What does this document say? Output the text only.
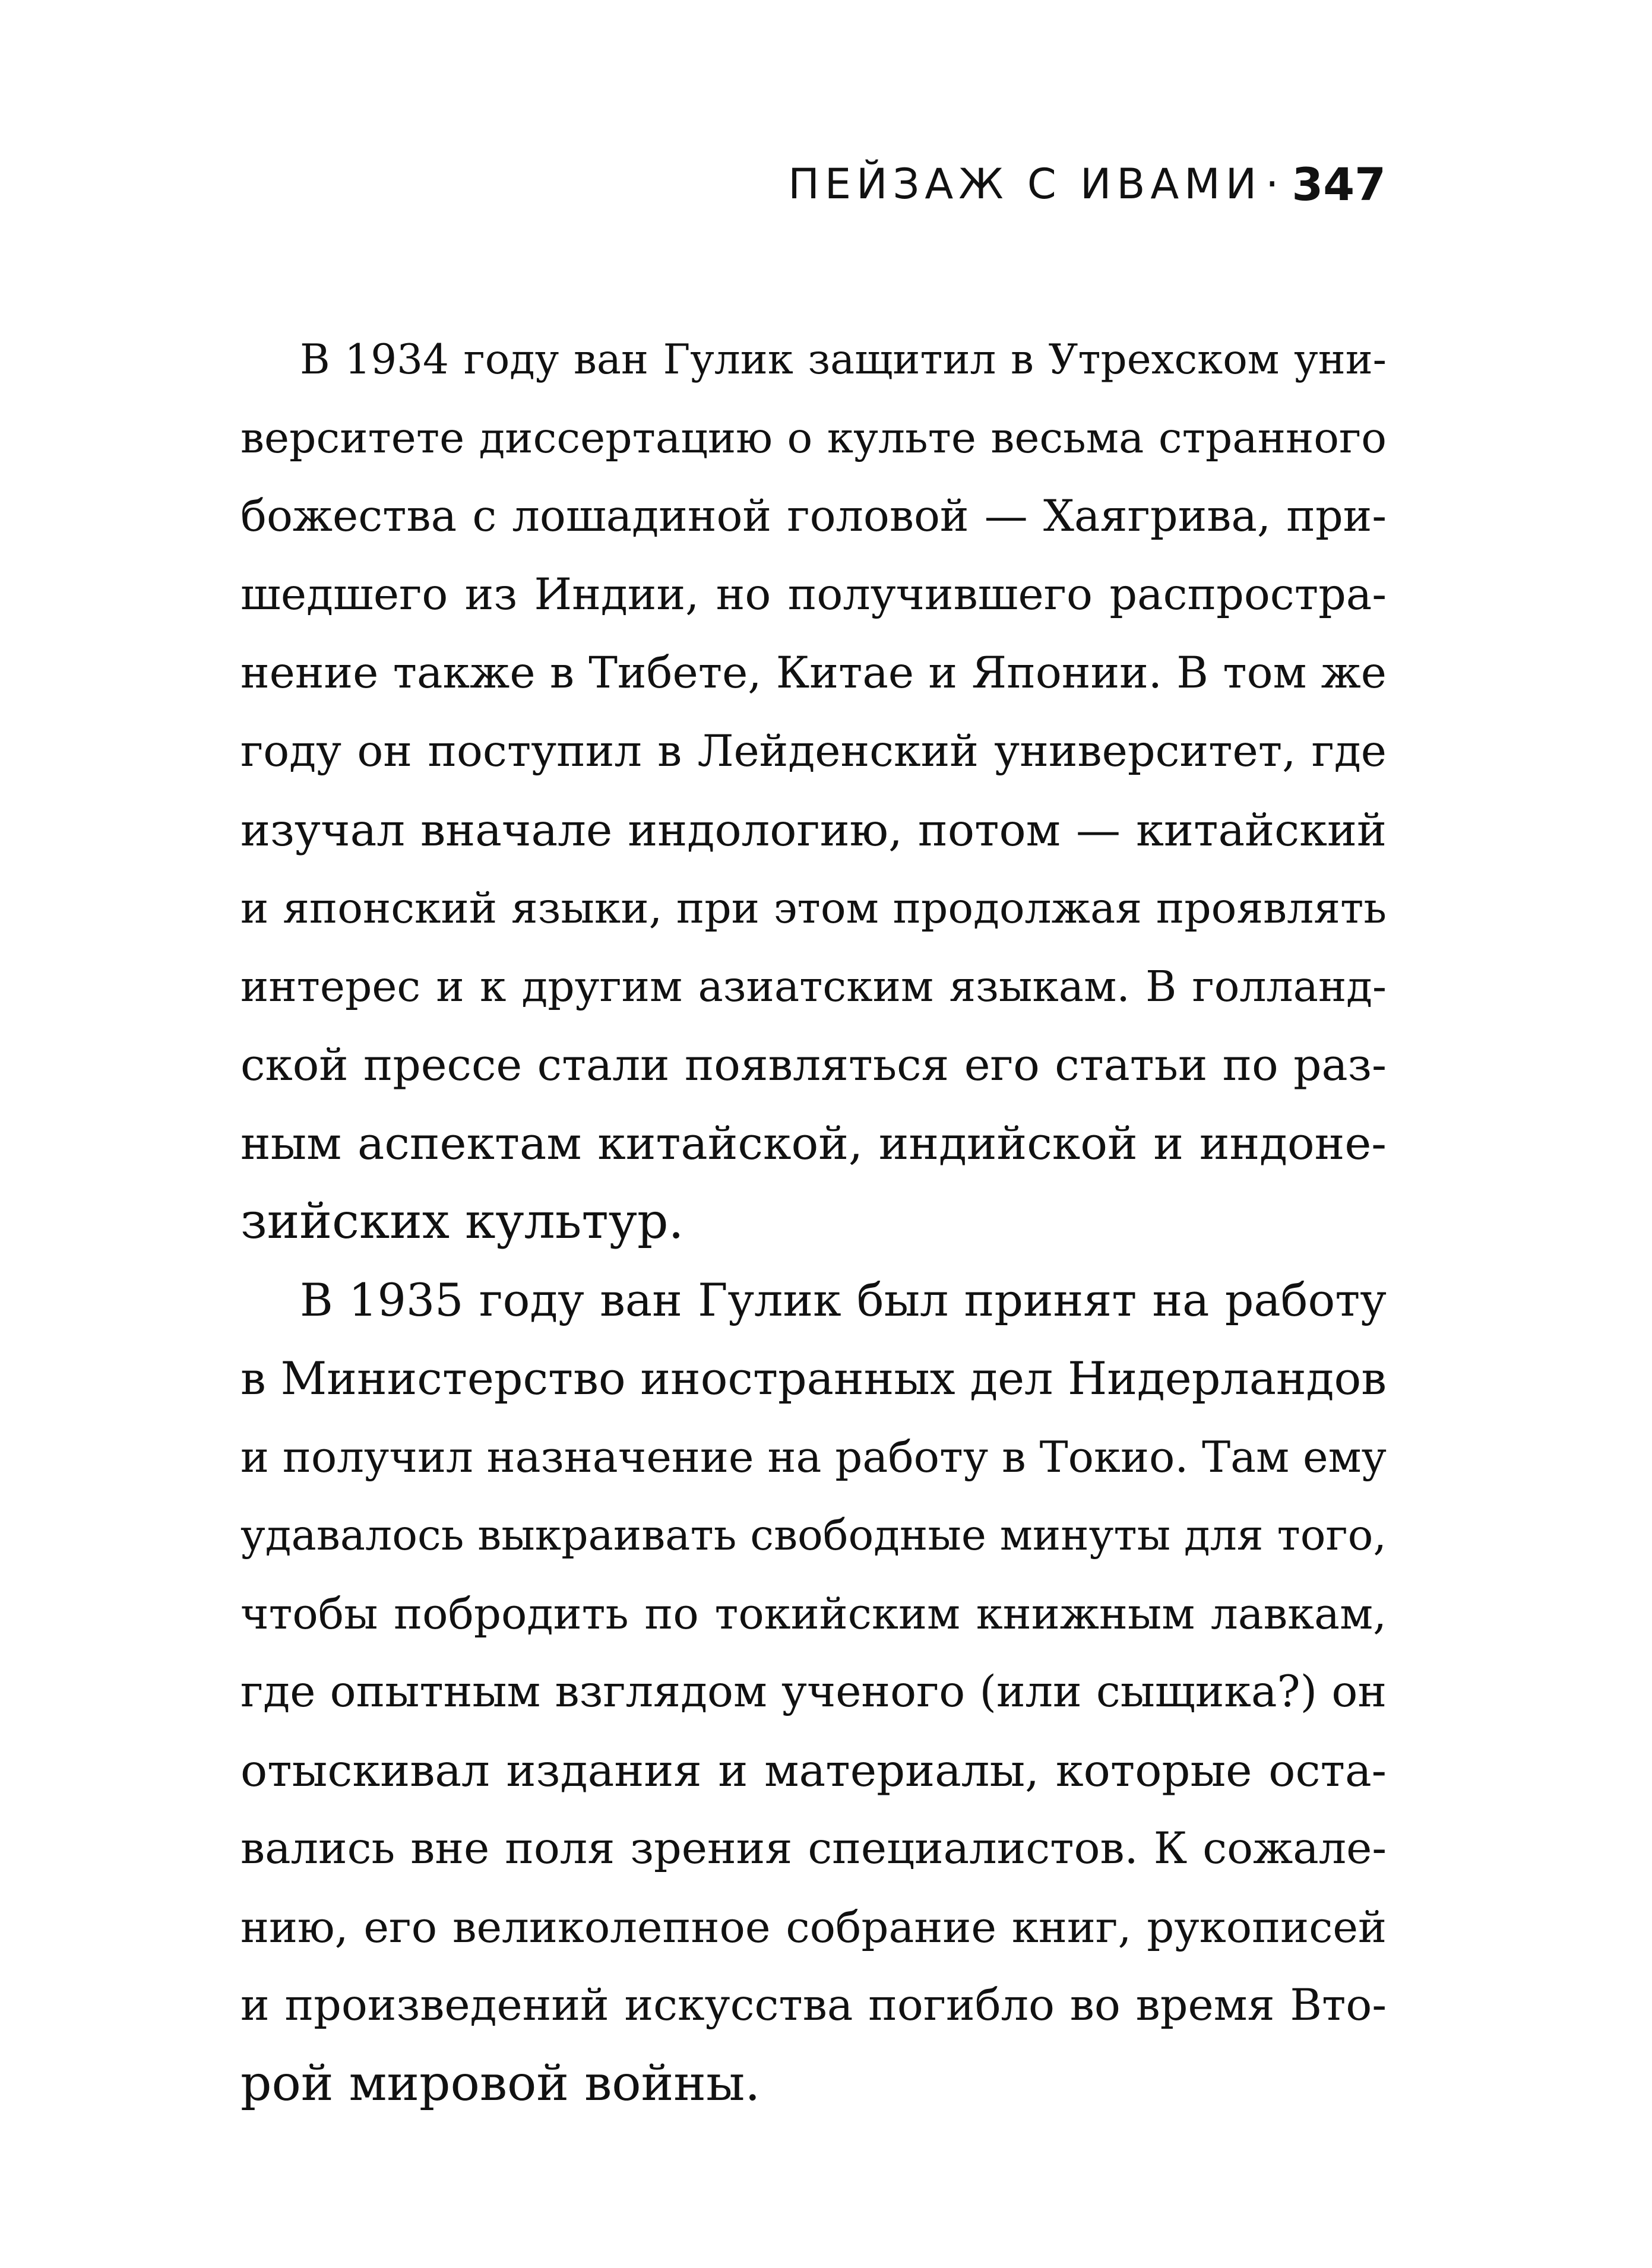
ПЕЙЗАЖ С ИВАМИ · 347
В 1934 году ван Гулик защитил в Утрехском уни-
верситете диссертацию о культе весьма странного
божества с лошадиной головой — Хаягрива, при-
шедшего из Индии, но получившего распростра-
нение также в Тибете, Китае и Японии. В том же
году он поступил в Лейденский университет, где
изучал вначале индологию, потом — китайский
и японский языки, при этом продолжая проявлять
интерес и к другим азиатским языкам. В голланд-
ской прессе стали появляться его статьи по раз-
ным аспектам китайской, индийской и индоне-
зийских культур.
В 1935 году ван Гулик был принят на работу
в Министерство иностранных дел Нидерландов
и получил назначение на работу в Токио. Там ему
удавалось выкраивать свободные минуты для того,
чтобы побродить по токийским книжным лавкам,
где опытным взглядом ученого (или сыщика?) он
отыскивал издания и материалы, которые оста-
вались вне поля зрения специалистов. К сожале-
нию, его великолепное собрание книг, рукописей
и произведений искусства погибло во время Вто-
рой мировой войны.
